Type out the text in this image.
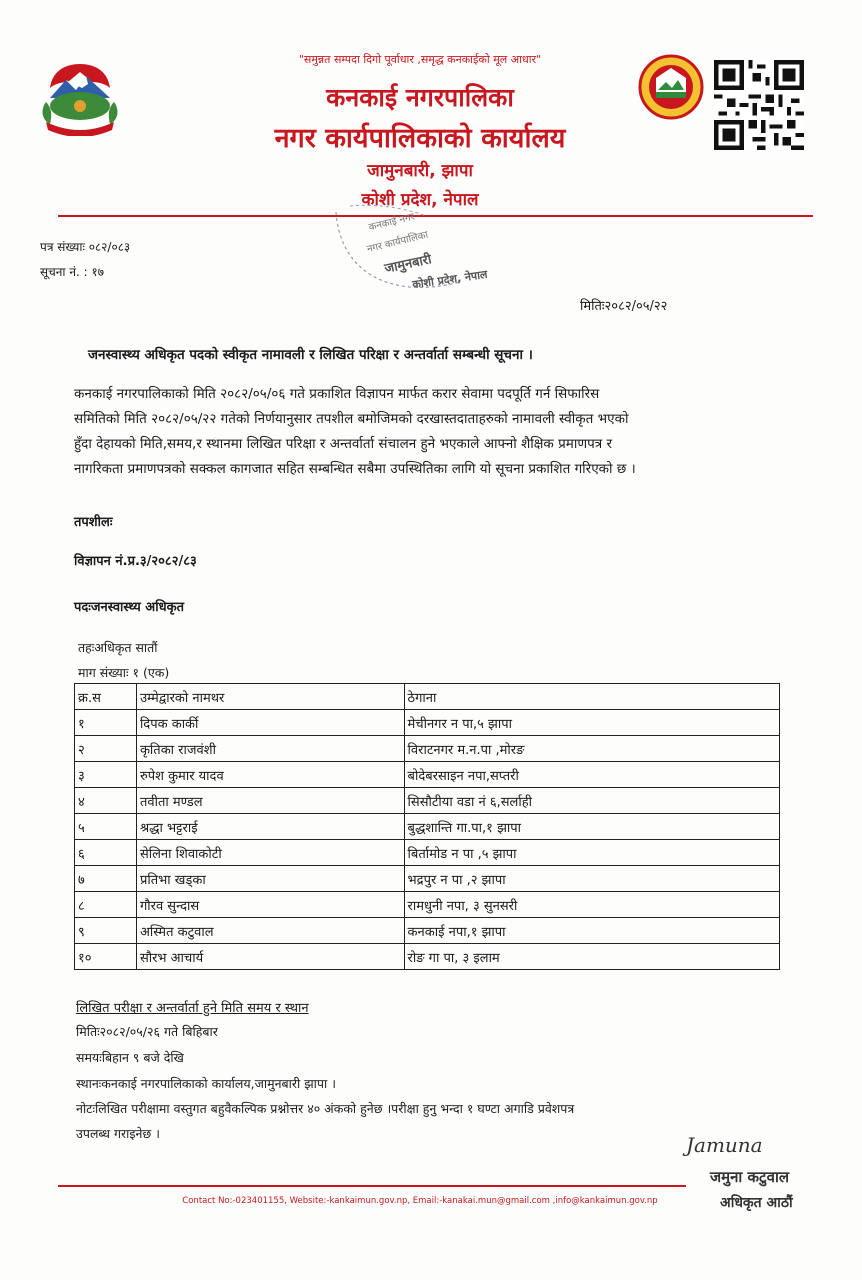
"समुन्नत सम्पदा दिगो पूर्वाधार ,समृद्ध कनकाईको मूल आधार"
कनकाई नगरपालिका
नगर कार्यपालिकाको कार्यालय
जामुनबारी, झापा
कोशी प्रदेश, नेपाल
कनकाई नगर
नगर कार्यपालिका
जामुनबारी
कोशी प्रदेश, नेपाल
पत्र संख्याः ०८२/०८३
सूचना नं. : १७
मितिः२०८२/०५/२२
जनस्वास्थ्य अधिकृत पदको स्वीकृत नामावली र लिखित परिक्षा र अन्तर्वार्ता सम्बन्धी सूचना ।
कनकाई नगरपालिकाको मिति २०८२/०५/०६ गते प्रकाशित विज्ञापन मार्फत करार सेवामा पदपूर्ति गर्न सिफारिस
समितिको मिति २०८२/०५/२२ गतेको निर्णयानुसार तपशील बमोजिमको दरखास्तदाताहरुको नामावली स्वीकृत भएको
हुँदा देहायको मिति,समय,र स्थानमा लिखित परिक्षा र अन्तर्वार्ता संचालन हुने भएकाले आफ्नो शैक्षिक प्रमाणपत्र र
नागरिकता प्रमाणपत्रको सक्कल कागजात सहित सम्बन्धित सबैमा उपस्थितिका लागि यो सूचना प्रकाशित गरिएको छ ।
तपशीलः
विज्ञापन नं.प्र.३/२०८२/८३
पदःजनस्वास्थ्य अधिकृत
तहःअधिकृत सातौं
माग संख्याः १ (एक)
क्र.स	उम्मेद्वारको नामथर	ठेगाना
१	दिपक कार्की	मेचीनगर न पा,५ झापा
२	कृतिका राजवंशी	विराटनगर म.न.पा ,मोरङ
३	रुपेश कुमार यादव	बोदेबरसाइन नपा,सप्तरी
४	तवीता मण्डल	सिसौटीया वडा नं ६,सर्लाही
५	श्रद्धा भट्टराई	बुद्धशान्ति गा.पा,१ झापा
६	सेलिना शिवाकोटी	बिर्तामोड न पा ,५ झापा
७	प्रतिभा खड्का	भद्रपुर न पा ,२ झापा
८	गौरव सुन्दास	रामधुनी नपा, ३ सुनसरी
९	अस्मित कटुवाल	कनकाई नपा,१ झापा
१०	सौरभ आचार्य	रोङ गा पा, ३ इलाम
लिखित परीक्षा र अन्तर्वार्ता हुने मिति समय र स्थान
मितिः२०८२/०५/२६ गते बिहिबार
समयःबिहान ९ बजे देखि
स्थानःकनकाई नगरपालिकाको कार्यालय,जामुनबारी झापा ।
नोटःलिखित परीक्षामा वस्तुगत बहुवैकल्पिक प्रश्नोत्तर ४० अंकको हुनेछ ।परीक्षा हुनु भन्दा १ घण्टा अगाडि प्रवेशपत्र
उपलब्ध गराइनेछ ।	Jamuna
जमुना कटुवाल
अधिकृत आठौं
Contact No:-023401155, Website:-kankaimun.gov.np, Email:-kanakai.mun@gmail.com ,info@kankaimun.gov.np
